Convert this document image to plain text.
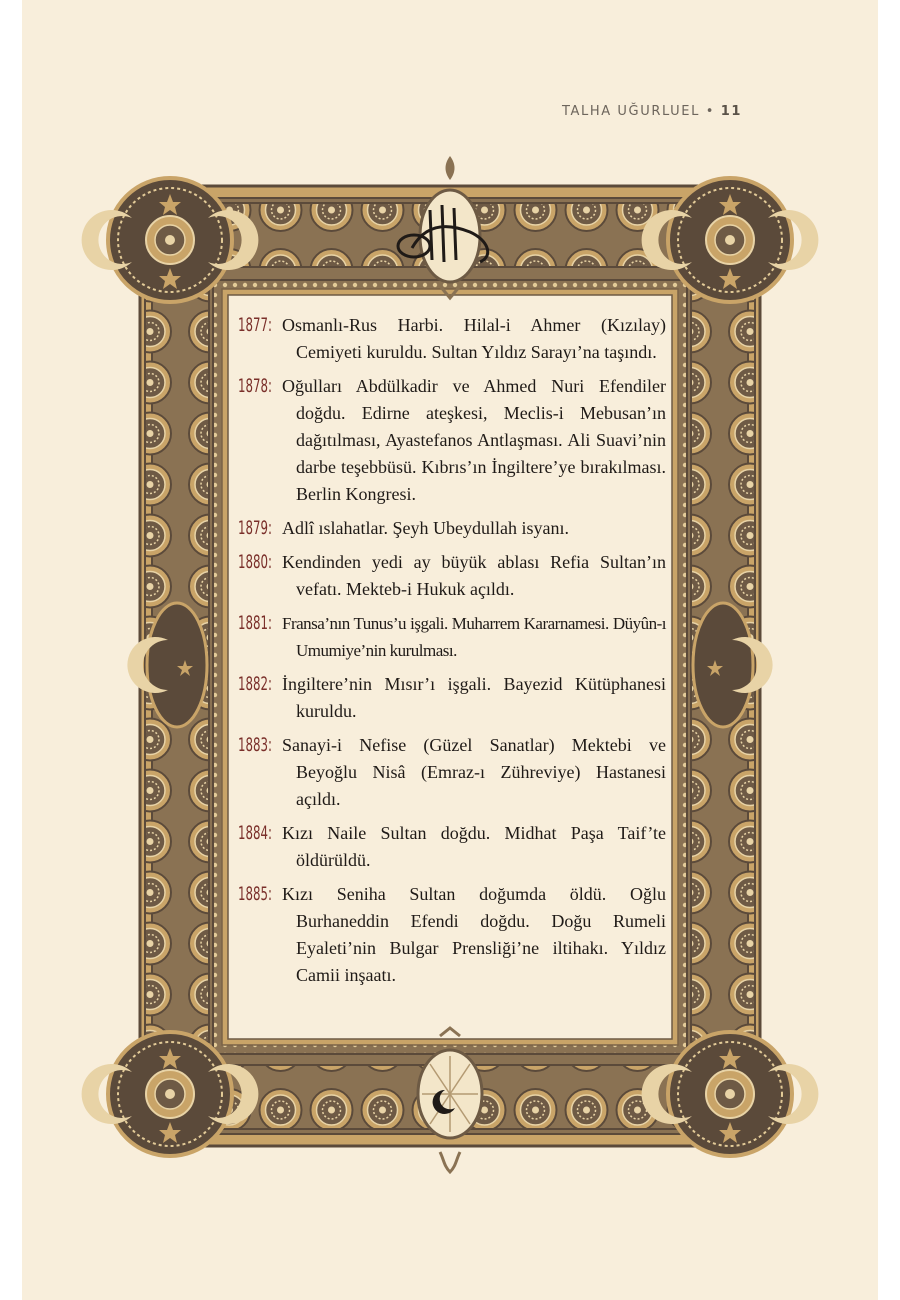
TALHA UĞURLUEL • 11
1877: Osmanlı-Rus Harbi. Hilal-i Ahmer (Kızılay) Cemiyeti kuruldu. Sultan Yıldız Sarayı’na taşındı.
1878: Oğulları Abdülkadir ve Ahmed Nuri Efendiler doğdu. Edirne ateşkesi, Meclis-i Mebusan’ın dağıtılması, Ayastefanos Antlaşması. Ali Suavi’nin darbe teşebbüsü. Kıbrıs’ın İngiltere’ye bırakılması. Berlin Kongresi.
1879: Adlî ıslahatlar. Şeyh Ubeydullah isyanı.
1880: Kendinden yedi ay büyük ablası Refia Sultan’ın vefatı. Mekteb-i Hukuk açıldı.
1881: Fransa’nın Tunus’u işgali. Muharrem Kararnamesi. Düyûn-ı Umumiye’nin kurulması.
1882: İngiltere’nin Mısır’ı işgali. Bayezid Kütüphanesi kuruldu.
1883: Sanayi-i Nefise (Güzel Sanatlar) Mektebi ve Beyoğlu Nisâ (Emraz-ı Zühreviye) Hastanesi açıldı.
1884: Kızı Naile Sultan doğdu. Midhat Paşa Taif’te öldürüldü.
1885: Kızı Seniha Sultan doğumda öldü. Oğlu Burhaneddin Efendi doğdu. Doğu Rumeli Eyaleti’nin Bulgar Prensliği’ne iltihakı. Yıldız Camii inşaatı.
